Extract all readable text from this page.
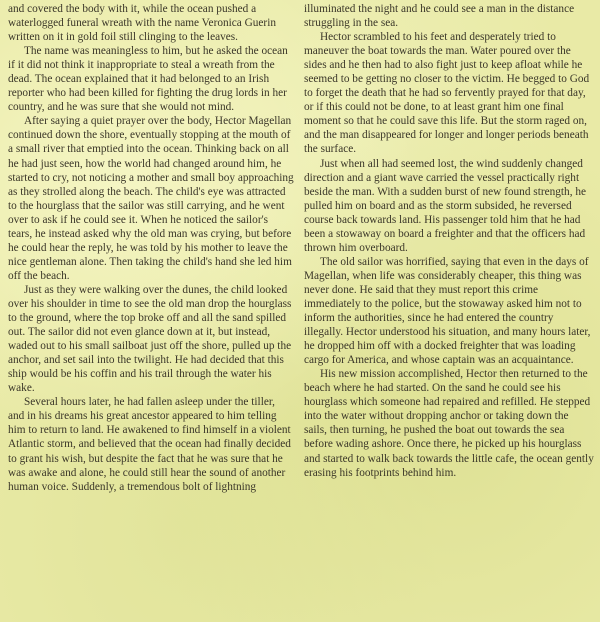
and covered the body with it, while the ocean pushed a waterlogged funeral wreath with the name Veronica Guerin written on it in gold foil still clinging to the leaves.

The name was meaningless to him, but he asked the ocean if it did not think it inappropriate to steal a wreath from the dead. The ocean explained that it had belonged to an Irish reporter who had been killed for fighting the drug lords in her country, and he was sure that she would not mind.

After saying a quiet prayer over the body, Hector Magellan continued down the shore, eventually stopping at the mouth of a small river that emptied into the ocean. Thinking back on all he had just seen, how the world had changed around him, he started to cry, not noticing a mother and small boy approaching as they strolled along the beach. The child's eye was attracted to the hourglass that the sailor was still carrying, and he went over to ask if he could see it. When he noticed the sailor's tears, he instead asked why the old man was crying, but before he could hear the reply, he was told by his mother to leave the nice gentleman alone. Then taking the child's hand she led him off the beach.

Just as they were walking over the dunes, the child looked over his shoulder in time to see the old man drop the hourglass to the ground, where the top broke off and all the sand spilled out. The sailor did not even glance down at it, but instead, waded out to his small sailboat just off the shore, pulled up the anchor, and set sail into the twilight. He had decided that this ship would be his coffin and his trail through the water his wake.

Several hours later, he had fallen asleep under the tiller, and in his dreams his great ancestor appeared to him telling him to return to land. He awakened to find himself in a violent Atlantic storm, and believed that the ocean had finally decided to grant his wish, but despite the fact that he was sure that he was awake and alone, he could still hear the sound of another human voice. Suddenly, a tremendous bolt of lightning

illuminated the night and he could see a man in the distance struggling in the sea.

Hector scrambled to his feet and desperately tried to maneuver the boat towards the man. Water poured over the sides and he then had to also fight just to keep afloat while he seemed to be getting no closer to the victim. He begged to God to forget the death that he had so fervently prayed for that day, or if this could not be done, to at least grant him one final moment so that he could save this life. But the storm raged on, and the man disappeared for longer and longer periods beneath the surface.

Just when all had seemed lost, the wind suddenly changed direction and a giant wave carried the vessel practically right beside the man. With a sudden burst of new found strength, he pulled him on board and as the storm subsided, he reversed course back towards land. His passenger told him that he had been a stowaway on board a freighter and that the officers had thrown him overboard.

The old sailor was horrified, saying that even in the days of Magellan, when life was considerably cheaper, this thing was never done. He said that they must report this crime immediately to the police, but the stowaway asked him not to inform the authorities, since he had entered the country illegally. Hector understood his situation, and many hours later, he dropped him off with a docked freighter that was loading cargo for America, and whose captain was an acquaintance.

His new mission accomplished, Hector then returned to the beach where he had started. On the sand he could see his hourglass which someone had repaired and refilled. He stepped into the water without dropping anchor or taking down the sails, then turning, he pushed the boat out towards the sea before wading ashore. Once there, he picked up his hourglass and started to walk back towards the little cafe, the ocean gently erasing his footprints behind him.
